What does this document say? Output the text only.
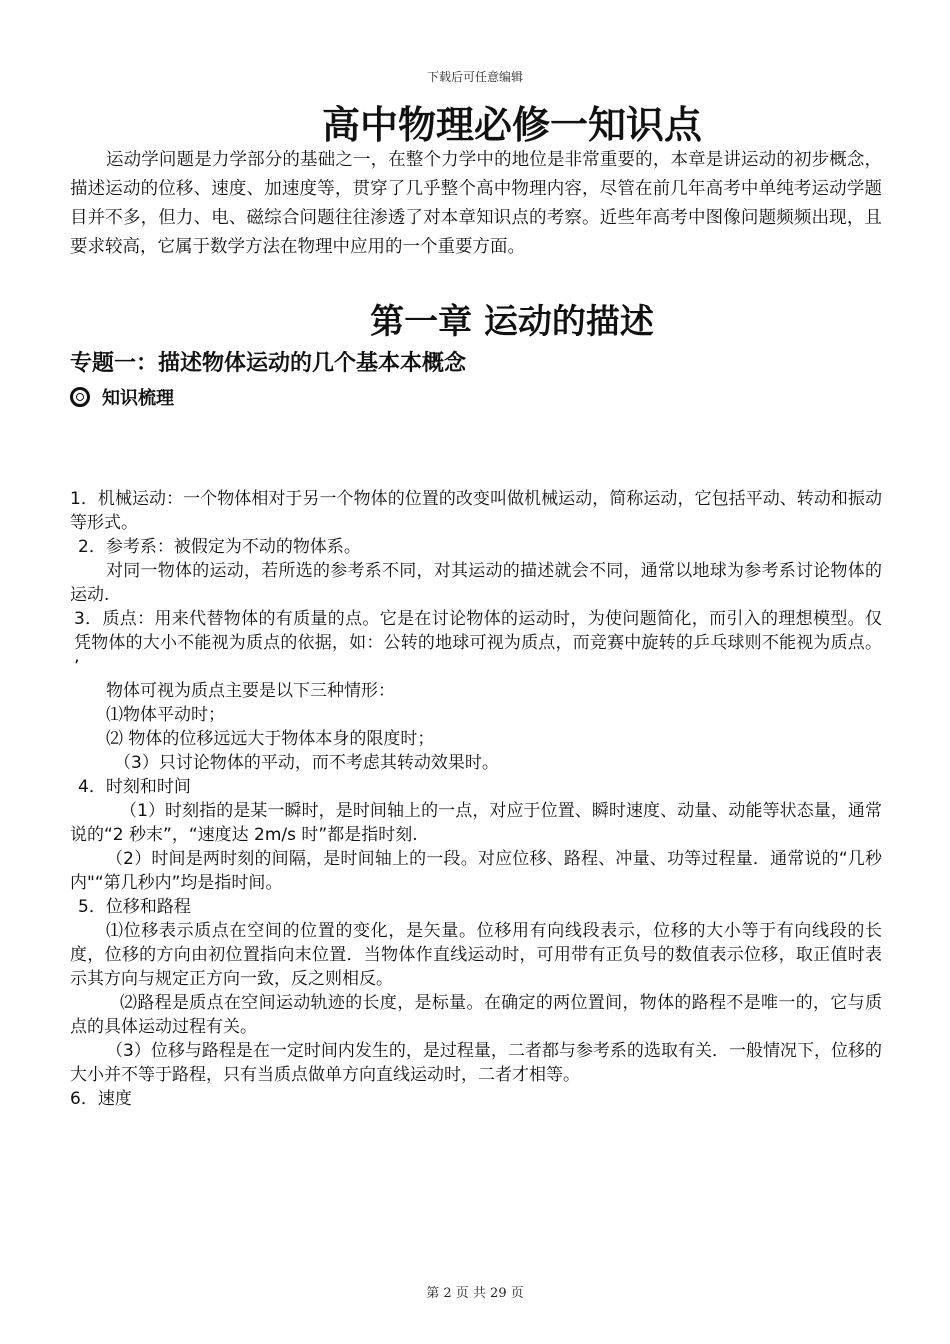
下载后可任意编辑
高中物理必修一知识点

运动学问题是力学部分的基础之一，在整个力学中的地位是非常重要的，本章是讲运动的初步概念，描述运动的位移、速度、加速度等，贯穿了几乎整个高中物理内容，尽管在前几年高考中单纯考运动学题目并不多，但力、电、磁综合问题往往渗透了对本章知识点的考察。近些年高考中图像问题频频出现，且要求较高，它属于数学方法在物理中应用的一个重要方面。

第一章 运动的描述
专题一：描述物体运动的几个基本本概念
知识梳理

1．机械运动：一个物体相对于另一个物体的位置的改变叫做机械运动，简称运动，它包括平动、转动和振动等形式。

2．参考系：被假定为不动的物体系。

对同一物体的运动，若所选的参考系不同，对其运动的描述就会不同，通常以地球为参考系讨论物体的运动.

3．质点：用来代替物体的有质量的点。它是在讨论物体的运动时，为使问题简化，而引入的理想模型。仅凭物体的大小不能视为质点的依据，如：公转的地球可视为质点，而竞赛中旋转的乒乓球则不能视为质点。 ’

物体可视为质点主要是以下三种情形：

⑴物体平动时；

⑵ 物体的位移远远大于物体本身的限度时；

（3）只讨论物体的平动，而不考虑其转动效果时。

4．时刻和时间

（1）时刻指的是某一瞬时，是时间轴上的一点，对应于位置、瞬时速度、动量、动能等状态量，通常说的“2 秒末”，“速度达 2m/s 时”都是指时刻.

（2）时间是两时刻的间隔，是时间轴上的一段。对应位移、路程、冲量、功等过程量．通常说的“几秒内"“第几秒内”均是指时间。

5．位移和路程

⑴位移表示质点在空间的位置的变化，是矢量。位移用有向线段表示，位移的大小等于有向线段的长度，位移的方向由初位置指向末位置．当物体作直线运动时，可用带有正负号的数值表示位移，取正值时表示其方向与规定正方向一致，反之则相反。

⑵路程是质点在空间运动轨迹的长度，是标量。在确定的两位置间，物体的路程不是唯一的，它与质点的具体运动过程有关。

（3）位移与路程是在一定时间内发生的，是过程量，二者都与参考系的选取有关．一般情况下，位移的大小并不等于路程，只有当质点做单方向直线运动时，二者才相等。

6．速度

第 2 页 共 29 页
